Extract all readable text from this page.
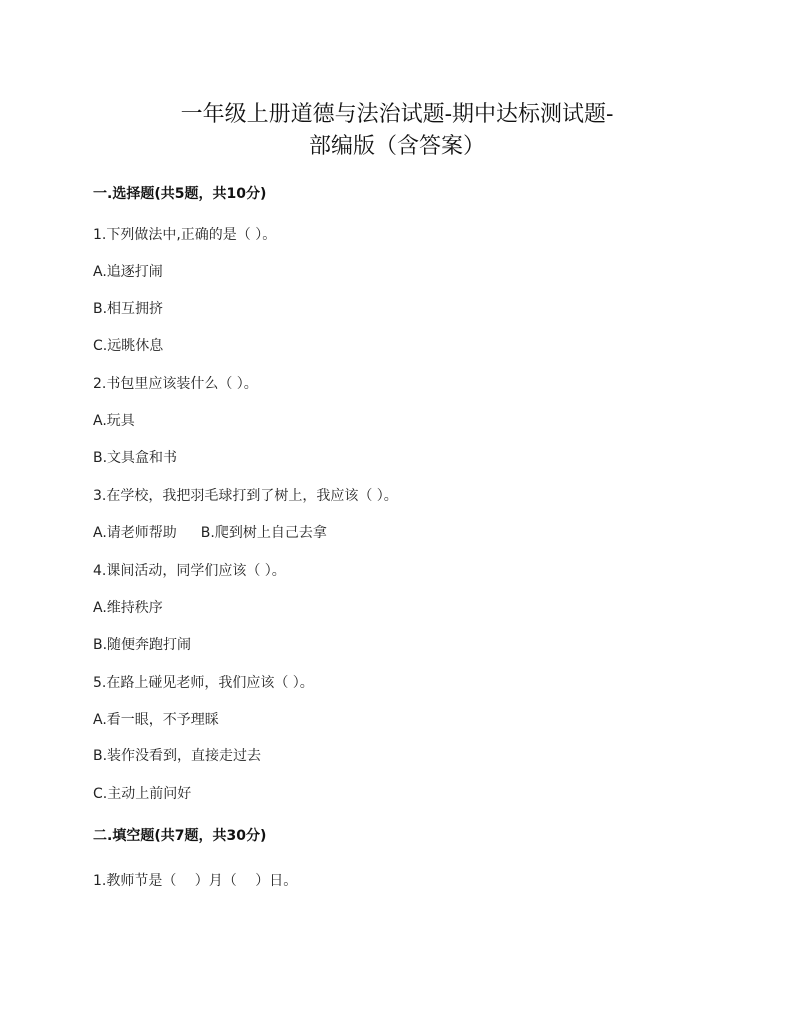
一年级上册道德与法治试题-期中达标测试题-
部编版（含答案）
一.选择题(共5题，共10分)
1.下列做法中,正确的是（ ）。
A.追逐打闹
B.相互拥挤
C.远眺休息
2.书包里应该装什么（ ）。
A.玩具
B.文具盒和书
3.在学校，我把羽毛球打到了树上，我应该（ ）。
A.请老师帮助 B.爬到树上自己去拿
4.课间活动，同学们应该（ ）。
A.维持秩序
B.随便奔跑打闹
5.在路上碰见老师，我们应该（ ）。
A.看一眼，不予理睬
B.装作没看到，直接走过去
C.主动上前问好
二.填空题(共7题，共30分)
1.教师节是（　 ）月（　 ）日。
